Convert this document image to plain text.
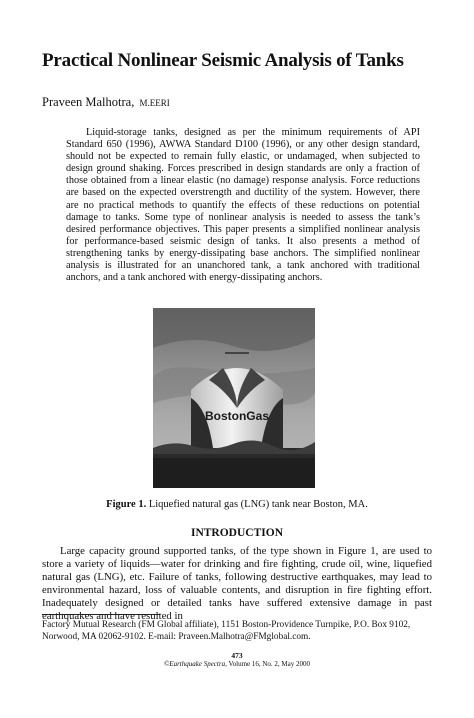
Practical Nonlinear Seismic Analysis of Tanks
Praveen Malhotra, M.EERI

Liquid-storage tanks, designed as per the minimum requirements of API Standard 650 (1996), AWWA Standard D100 (1996), or any other design standard, should not be expected to remain fully elastic, or undamaged, when subjected to design ground shaking. Forces prescribed in design standards are only a fraction of those obtained from a linear elastic (no damage) response analysis. Force reductions are based on the expected overstrength and ductility of the system. However, there are no practical methods to quantify the effects of these reductions on potential damage to tanks. Some type of nonlinear analysis is needed to assess the tank’s desired performance objectives. This paper presents a simplified nonlinear analysis for performance-based seismic design of tanks. It also presents a method of strengthening tanks by energy-dissipating base anchors. The simplified nonlinear analysis is illustrated for an unanchored tank, a tank anchored with traditional anchors, and a tank anchored with energy-dissipating anchors.

BostonGas
Figure 1. Liquefied natural gas (LNG) tank near Boston, MA.
INTRODUCTION

Large capacity ground supported tanks, of the type shown in Figure 1, are used to store a variety of liquids—water for drinking and fire fighting, crude oil, wine, liquefied natural gas (LNG), etc. Failure of tanks, following destructive earthquakes, may lead to environmental hazard, loss of valuable contents, and disruption in fire fighting effort. Inadequately designed or detailed tanks have suffered extensive damage in past earthquakes and have resulted in

Factory Mutual Research (FM Global affiliate), 1151 Boston-Providence Turnpike, P.O. Box 9102, Norwood, MA 02062-9102. E-mail: Praveen.Malhotra@FMglobal.com.

473
©Earthquake Spectra, Volume 16, No. 2, May 2000
